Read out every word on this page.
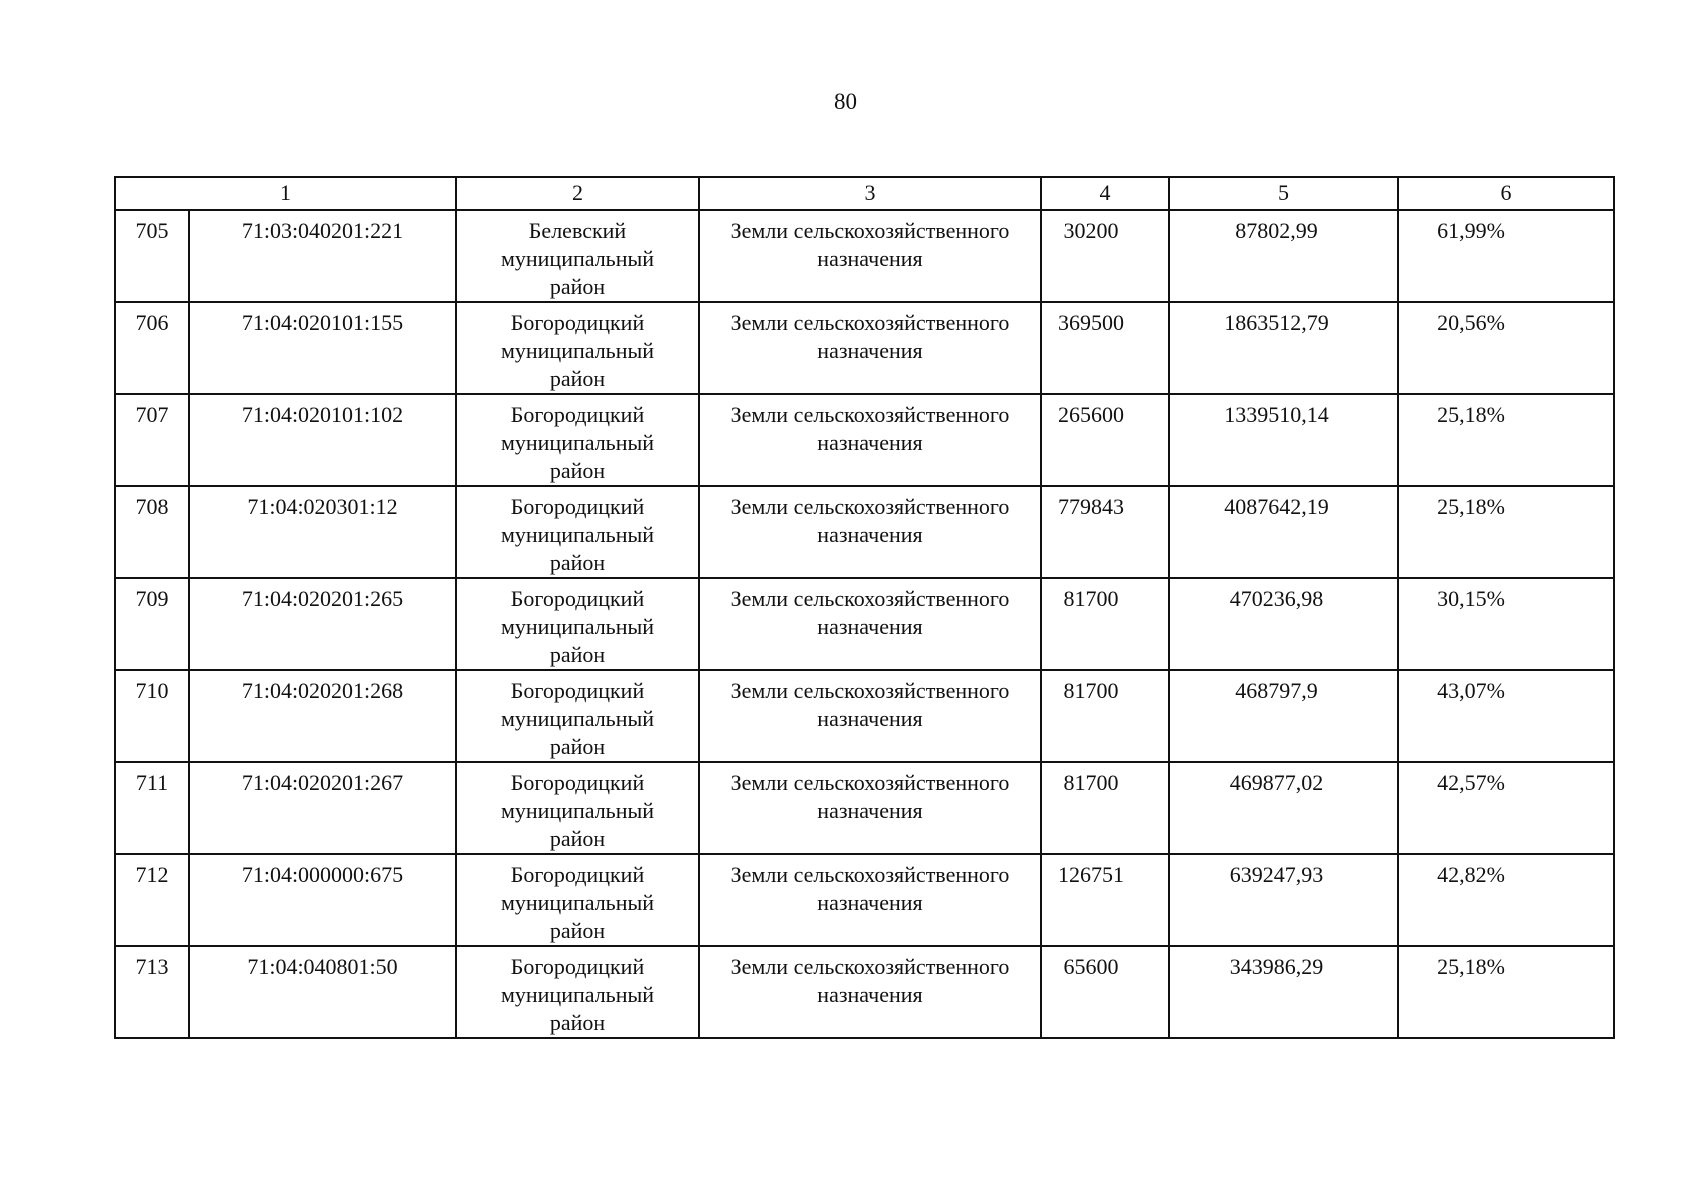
80
1		2	3	4	5	6

705	71:03:040201:221	Белевский
муниципальный
район	Земли сельскохозяйственного
назначения	30200	87802,99	61,99%

706	71:04:020101:155	Богородицкий
муниципальный
район	Земли сельскохозяйственного
назначения	369500	1863512,79	20,56%

707	71:04:020101:102	Богородицкий
муниципальный
район	Земли сельскохозяйственного
назначения	265600	1339510,14	25,18%

708	71:04:020301:12	Богородицкий
муниципальный
район	Земли сельскохозяйственного
назначения	779843	4087642,19	25,18%

709	71:04:020201:265	Богородицкий
муниципальный
район	Земли сельскохозяйственного
назначения	81700	470236,98	30,15%

710	71:04:020201:268	Богородицкий
муниципальный
район	Земли сельскохозяйственного
назначения	81700	468797,9	43,07%

711	71:04:020201:267	Богородицкий
муниципальный
район	Земли сельскохозяйственного
назначения	81700	469877,02	42,57%

712	71:04:000000:675	Богородицкий
муниципальный
район	Земли сельскохозяйственного
назначения	126751	639247,93	42,82%

713	71:04:040801:50	Богородицкий
муниципальный
район	Земли сельскохозяйственного
назначения	65600	343986,29	25,18%
